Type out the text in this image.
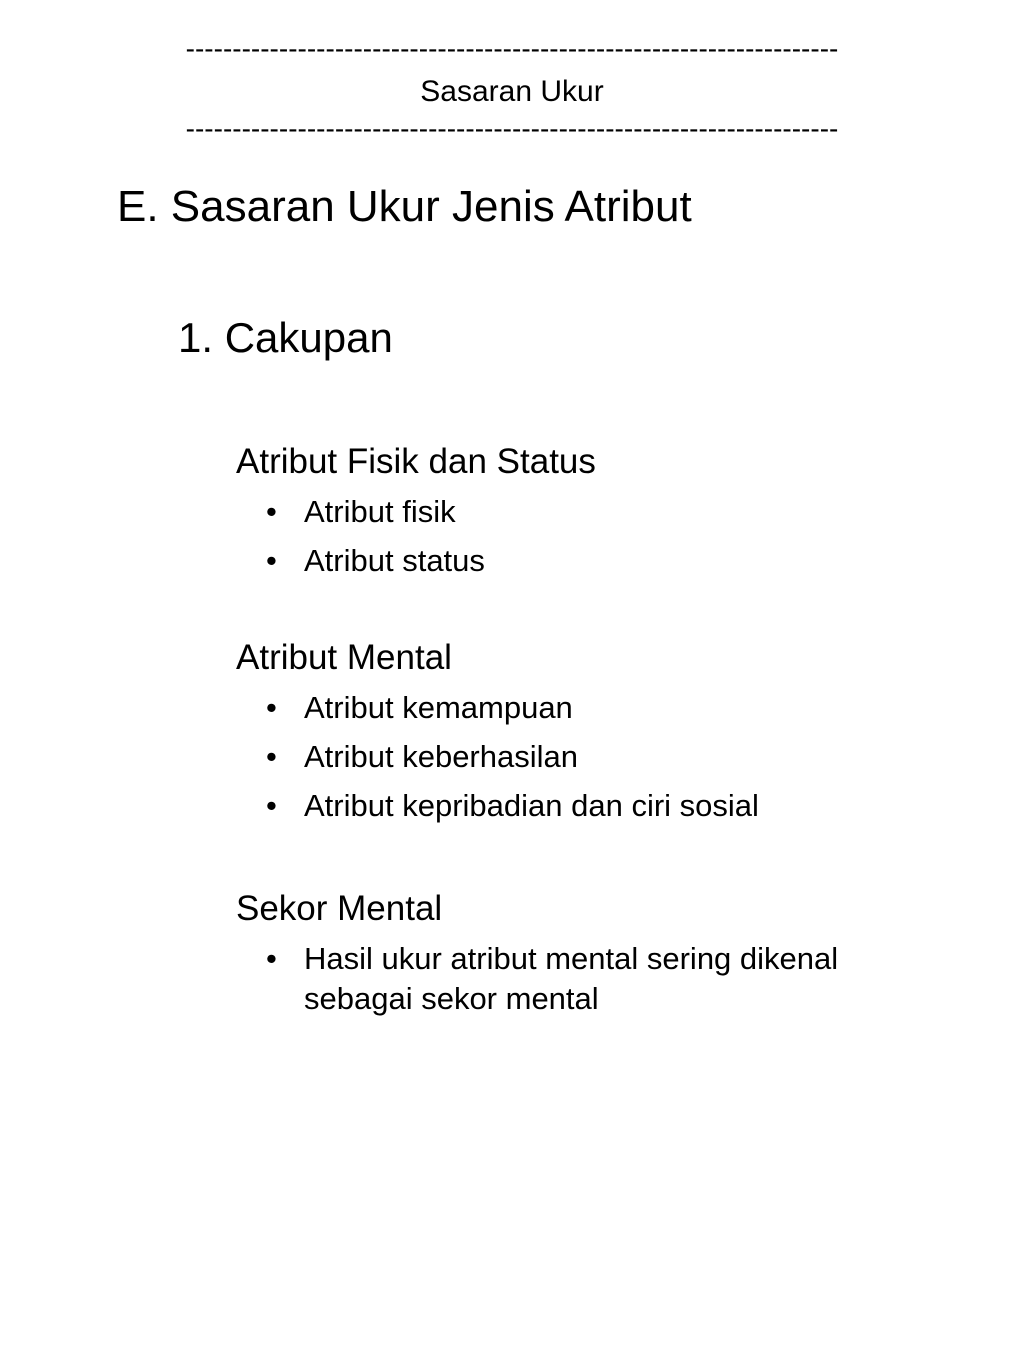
----------------------------------------------------------------------
Sasaran Ukur
----------------------------------------------------------------------
E. Sasaran Ukur Jenis Atribut
1. Cakupan
Atribut Fisik dan Status
• Atribut fisik
• Atribut status
Atribut Mental
• Atribut kemampuan
• Atribut keberhasilan
• Atribut kepribadian dan ciri sosial
Sekor Mental
• Hasil ukur atribut mental sering dikenal sebagai sekor mental
